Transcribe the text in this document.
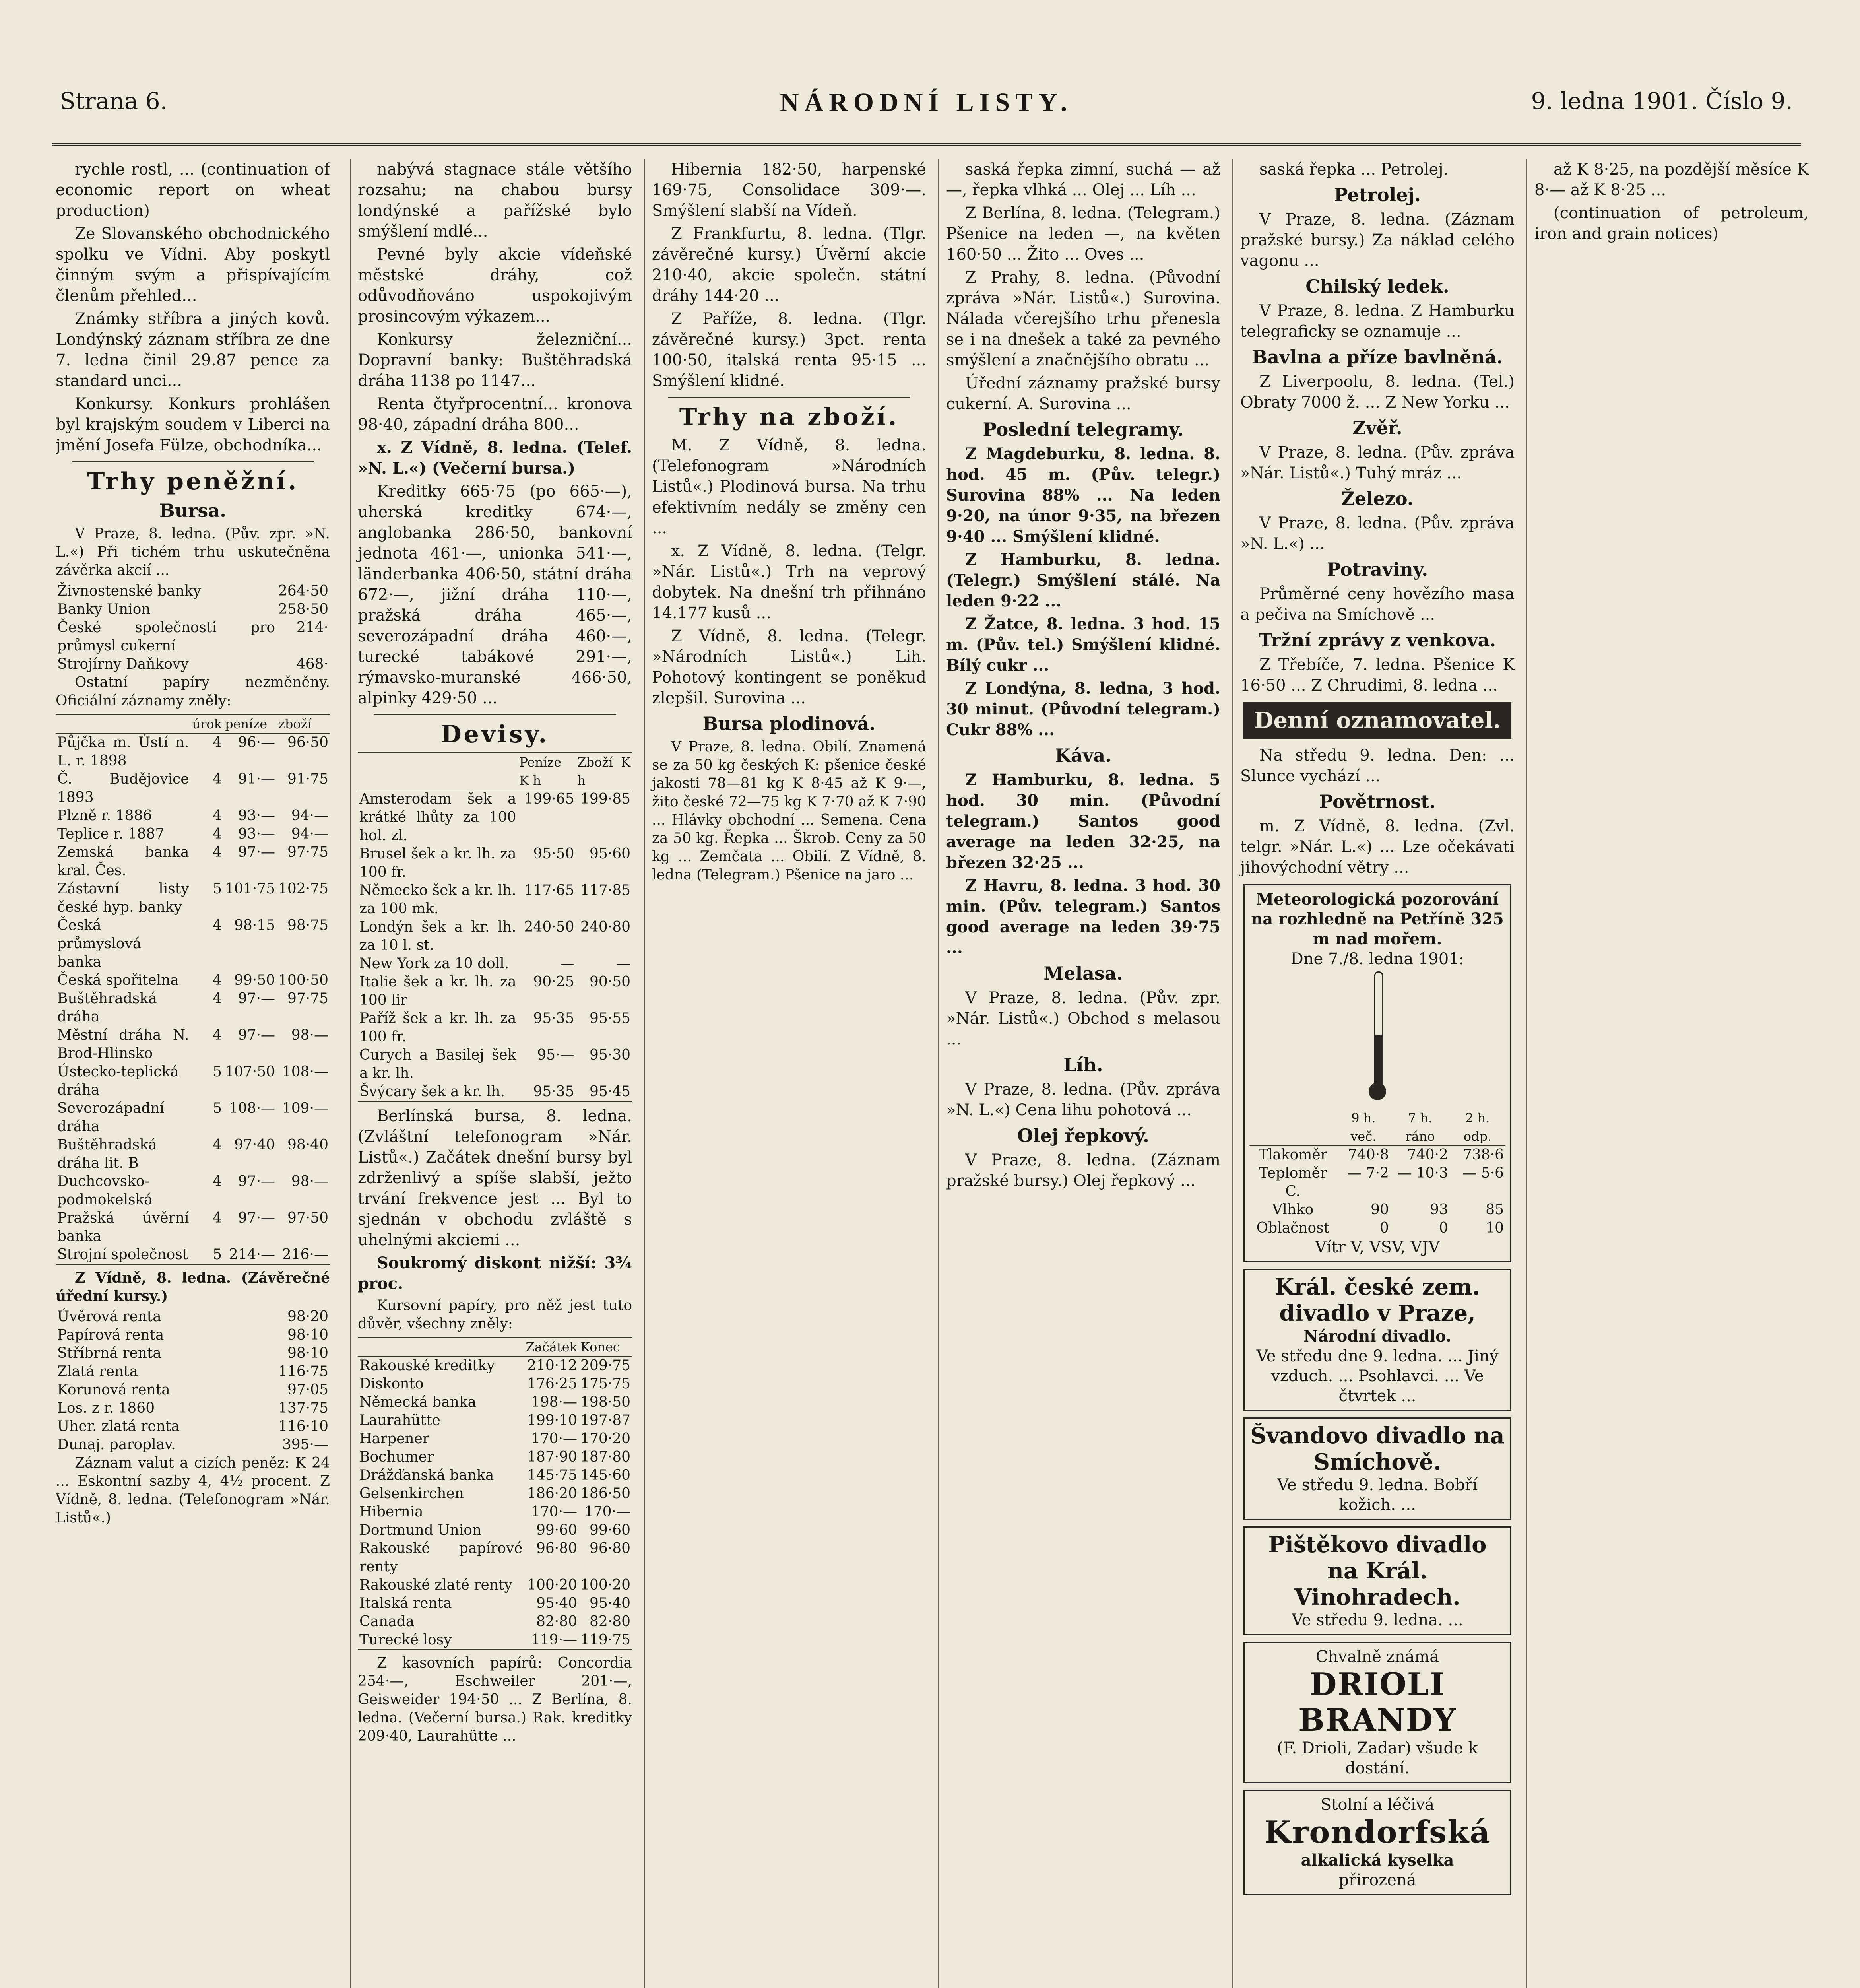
Strana 6.	NÁRODNÍ LISTY.	9. ledna 1901. Číslo 9.

rychle rostl, ... (continuation of economic report on wheat production)

Ze Slovanského obchodnického spolku ve Vídni. Aby poskytl činným svým a přispívajícím členům přehled...

Známky stříbra a jiných kovů. Londýnský záznam stříbra ze dne 7. ledna činil 29.87 pence za standard unci...

Konkursy. Konkurs prohlášen byl krajským soudem v Liberci na jmění Josefa Fülze, obchodníka...

Trhy peněžní.
Bursa.

V Praze, 8. ledna. (Pův. zpr. »N. L.«) Při tichém trhu uskutečněna závěrka akcií ...

Živnostenské banky	264·50
Banky Union	258·50
České společnosti pro průmysl cukerní	214·
Strojírny Daňkovy	468·

Ostatní papíry nezměněny. Oficiální záznamy zněly:

	úrok	peníze	zboží
Půjčka m. Ústí n. L. r. 1898	4	96·—	96·50
Č. Budějovice 1893	4	91·—	91·75
Plzně r. 1886	4	93·—	94·—
Teplice r. 1887	4	93·—	94·—
Zemská banka kral. Čes.	4	97·—	97·75
Zástavní listy české hyp. banky	5	101·75	102·75
Česká průmyslová banka	4	98·15	98·75
Česká spořitelna	4	99·50	100·50
Buštěhradská dráha	4	97·—	97·75
Městní dráha N. Brod-Hlinsko	4	97·—	98·—
Ústecko-teplická dráha	5	107·50	108·—
Severozápadní dráha	5	108·—	109·—
Buštěhradská dráha lit. B	4	97·40	98·40
Duchcovsko-podmokelská	4	97·—	98·—
Pražská úvěrní banka	4	97·—	97·50
Strojní společnost	5	214·—	216·—

Z Vídně, 8. ledna. (Závěrečné úřední kursy.)

Úvěrová renta	98·20
Papírová renta	98·10
Stříbrná renta	98·10
Zlatá renta	116·75
Korunová renta	97·05
Los. z r. 1860	137·75
Uher. zlatá renta	116·10
Dunaj. paroplav.	395·—

Záznam valut a cizích peněz: K 24 ... Eskontní sazby 4, 4½ procent. Z Vídně, 8. ledna. (Telefonogram »Nár. Listů«.)

nabývá stagnace stále většího rozsahu; na chabou bursy londýnské a pařížské bylo smýšlení mdlé...

Pevné byly akcie vídeňské městské dráhy, což odůvodňováno uspokojivým prosincovým výkazem...

Konkursy železniční... Dopravní banky: Buštěhradská dráha 1138 po 1147...

Renta čtyřprocentní... kronova 98·40, západní dráha 800...

x. Z Vídně, 8. ledna. (Telef. »N. L.«) (Večerní bursa.)

Kreditky 665·75 (po 665·—), uherská kreditky 674·—, anglobanka 286·50, bankovní jednota 461·—, unionka 541·—, länderbanka 406·50, státní dráha 672·—, jižní dráha 110·—, pražská dráha 465·—, severozápadní dráha 460·—, turecké tabákové 291·—, rýmavsko-muranské 466·50, alpinky 429·50 ...

Devisy.
	Peníze K h	Zboží K h
Amsterodam šek a krátké lhůty za 100 hol. zl.	199·65	199·85
Brusel šek a kr. lh. za 100 fr.	95·50	95·60
Německo šek a kr. lh. za 100 mk.	117·65	117·85
Londýn šek a kr. lh. za 10 l. st.	240·50	240·80
New York za 10 doll.	—	—
Italie šek a kr. lh. za 100 lir	90·25	90·50
Paříž šek a kr. lh. za 100 fr.	95·35	95·55
Curych a Basilej šek a kr. lh.	95·—	95·30
Švýcary šek a kr. lh.	95·35	95·45

Berlínská bursa, 8. ledna. (Zvláštní telefonogram »Nár. Listů«.) Začátek dnešní bursy byl zdrženlivý a spíše slabší, ježto trvání frekvence jest ... Byl to sjednán v obchodu zvláště s uhelnými akciemi ...

Soukromý diskont nižší: 3¾ proc.

Kursovní papíry, pro něž jest tuto důvěr, všechny zněly:

	Začátek	Konec
Rakouské kreditky	210·12	209·75
Diskonto	176·25	175·75
Německá banka	198·—	198·50
Laurahütte	199·10	197·87
Harpener	170·—	170·20
Bochumer	187·90	187·80
Drážďanská banka	145·75	145·60
Gelsenkirchen	186·20	186·50
Hibernia	170·—	170·—
Dortmund Union	99·60	99·60
Rakouské papírové renty	96·80	96·80
Rakouské zlaté renty	100·20	100·20
Italská renta	95·40	95·40
Canada	82·80	82·80
Turecké losy	119·—	119·75

Z kasovních papírů: Concordia 254·—, Eschweiler 201·—, Geisweider 194·50 ... Z Berlína, 8. ledna. (Večerní bursa.) Rak. kreditky 209·40, Laurahütte ...

Hibernia 182·50, harpenské 169·75, Consolidace 309·—. Smýšlení slabší na Vídeň.

Z Frankfurtu, 8. ledna. (Tlgr. závěrečné kursy.) Úvěrní akcie 210·40, akcie společn. státní dráhy 144·20 ...

Z Paříže, 8. ledna. (Tlgr. závěrečné kursy.) 3pct. renta 100·50, italská renta 95·15 ... Smýšlení klidné.

Trhy na zboží.

M. Z Vídně, 8. ledna. (Telefonogram »Národních Listů«.) Plodinová bursa. Na trhu efektivním nedály se změny cen ...

x. Z Vídně, 8. ledna. (Telgr. »Nár. Listů«.) Trh na veprový dobytek. Na dnešní trh přihnáno 14.177 kusů ...

Z Vídně, 8. ledna. (Telegr. »Národních Listů«.) Lih. Pohotový kontingent se poněkud zlepšil. Surovina ...

Bursa plodinová.

V Praze, 8. ledna. Obilí. Znamená se za 50 kg českých K: pšenice české jakosti 78—81 kg K 8·45 až K 9·—, žito české 72—75 kg K 7·70 až K 7·90 ... Hlávky obchodní ... Semena. Cena za 50 kg. Řepka ... Škrob. Ceny za 50 kg ... Zemčata ... Obilí. Z Vídně, 8. ledna (Telegram.) Pšenice na jaro ...

saská řepka zimní, suchá — až —, řepka vlhká ... Olej ... Líh ...

Z Berlína, 8. ledna. (Telegram.) Pšenice na leden —, na květen 160·50 ... Žito ... Oves ...

Z Prahy, 8. ledna. (Původní zpráva »Nár. Listů«.) Surovina. Nálada včerejšího trhu přenesla se i na dnešek a také za pevného smýšlení a značnějšího obratu ...

Úřední záznamy pražské bursy cukerní. A. Surovina ...

Poslední telegramy.

Z Magdeburku, 8. ledna. 8. hod. 45 m. (Pův. telegr.) Surovina 88% ... Na leden 9·20, na únor 9·35, na březen 9·40 ... Smýšlení klidné.

Z Hamburku, 8. ledna. (Telegr.) Smýšlení stálé. Na leden 9·22 ...

Z Žatce, 8. ledna. 3 hod. 15 m. (Pův. tel.) Smýšlení klidné. Bílý cukr ...

Z Londýna, 8. ledna, 3 hod. 30 minut. (Původní telegram.) Cukr 88% ...

Káva.

Z Hamburku, 8. ledna. 5 hod. 30 min. (Původní telegram.) Santos good average na leden 32·25, na březen 32·25 ...

Z Havru, 8. ledna. 3 hod. 30 min. (Pův. telegram.) Santos good average na leden 39·75 ...

Melasa.

V Praze, 8. ledna. (Pův. zpr. »Nár. Listů«.) Obchod s melasou ...

Líh.

V Praze, 8. ledna. (Pův. zpráva »N. L.«) Cena lihu pohotová ...

Olej řepkový.

V Praze, 8. ledna. (Záznam pražské bursy.) Olej řepkový ...

saská řepka ... Petrolej.

Petrolej.

V Praze, 8. ledna. (Záznam pražské bursy.) Za náklad celého vagonu ...

Chilský ledek.

V Praze, 8. ledna. Z Hamburku telegraficky se oznamuje ...

Bavlna a příze bavlněná.

Z Liverpoolu, 8. ledna. (Tel.) Obraty 7000 ž. ... Z New Yorku ...

Zvěř.

V Praze, 8. ledna. (Pův. zpráva »Nár. Listů«.) Tuhý mráz ...

Železo.

V Praze, 8. ledna. (Pův. zpráva »N. L.«) ...

Potraviny.

Průměrné ceny hovězího masa a pečiva na Smíchově ...

Tržní zprávy z venkova.

Z Třebíče, 7. ledna. Pšenice K 16·50 ... Z Chrudimi, 8. ledna ...

Denní oznamovatel.

Na středu 9. ledna. Den: ... Slunce vychází ...

Povětrnost.

m. Z Vídně, 8. ledna. (Zvl. telgr. »Nár. L.«) ... Lze očekávati jihovýchodní větry ...

Meteorologická pozorování na rozhledně na Petříně 325 m nad mořem.
Dne 7./8. ledna 1901:
	9 h. več.	7 h. ráno	2 h. odp.
Tlakoměr	740·8	740·2	738·6
Teploměr C.	— 7·2	— 10·3	— 5·6
Vlhko	90	93	85
Oblačnost	0	0	10
Vítr V, VSV, VJV
Král. české zem. divadlo v Praze,
Národní divadlo.
Ve středu dne 9. ledna. ... Jiný vzduch. ... Psohlavci. ... Ve čtvrtek ...
Švandovo divadlo na Smíchově.
Ve středu 9. ledna. Bobří kožich. ...
Pištěkovo divadlo na Král. Vinohradech.
Ve středu 9. ledna. ...
Chvalně známá
DRIOLI BRANDY
(F. Drioli, Zadar) všude k dostání.
Stolní a léčivá
Krondorfská
alkalická kyselka
přirozená

až K 8·25, na pozdější měsíce K 8·— až K 8·25 ...

(continuation of petroleum, iron and grain notices)
